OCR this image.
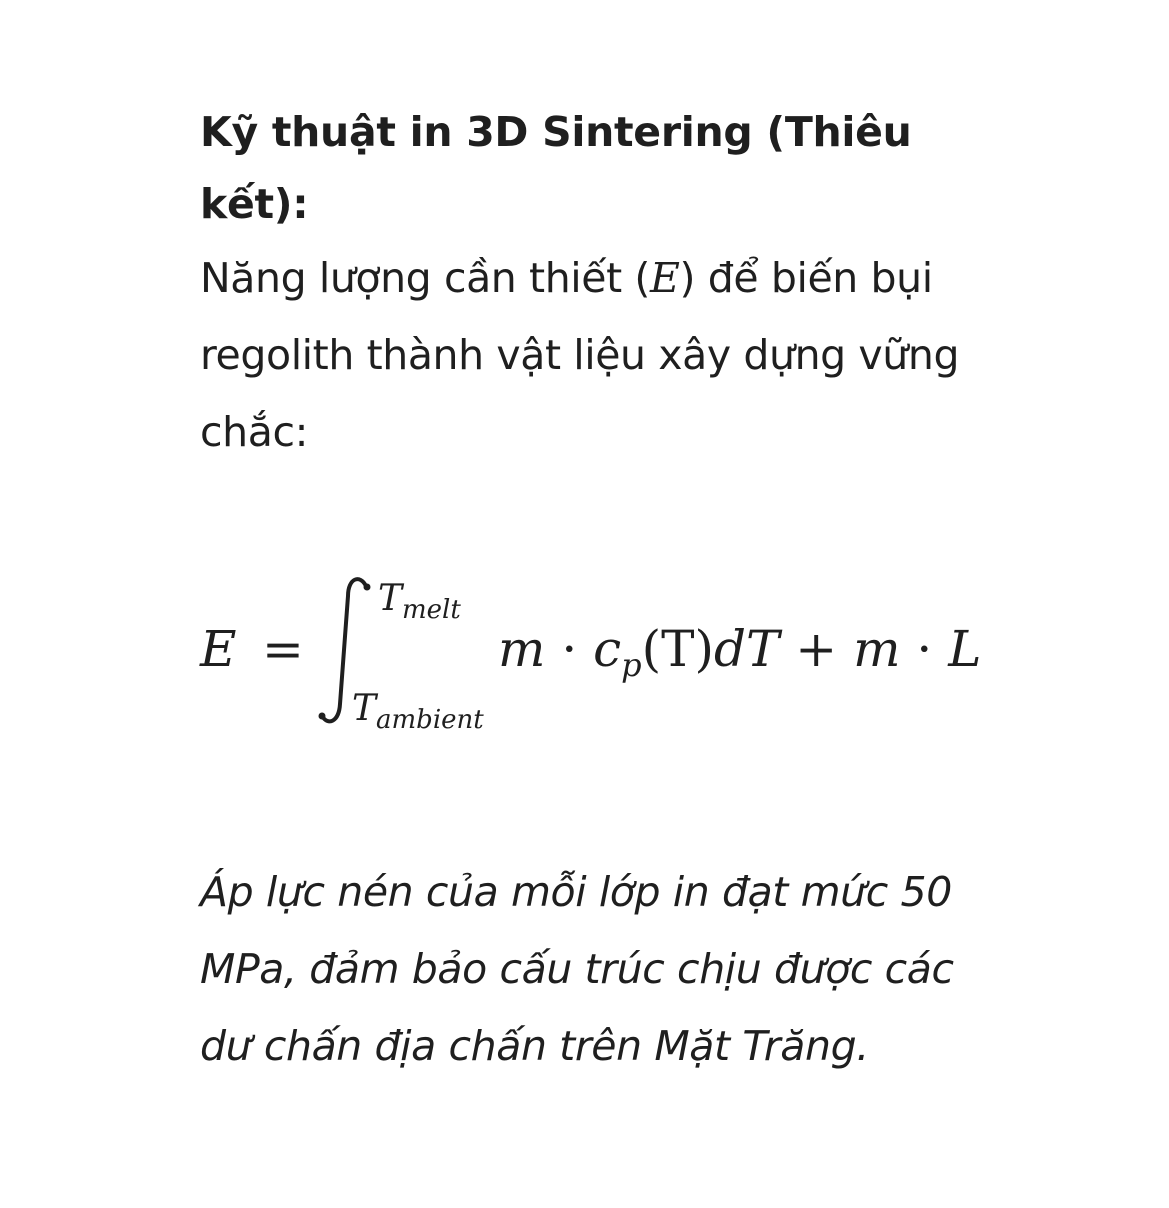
Kỹ thuật in 3D Sintering (Thiêu kết):

Năng lượng cần thiết (E) để biến bụi regolith thành vật liệu xây dựng vững chắc:

E =
$T_{melt}$
$T_{ambient}$
$m \cdot c_p(T)dT + m \cdot L$

Áp lực nén của mỗi lớp in đạt mức 50 MPa, đảm bảo cấu trúc chịu được các dư chấn địa chấn trên Mặt Trăng.
